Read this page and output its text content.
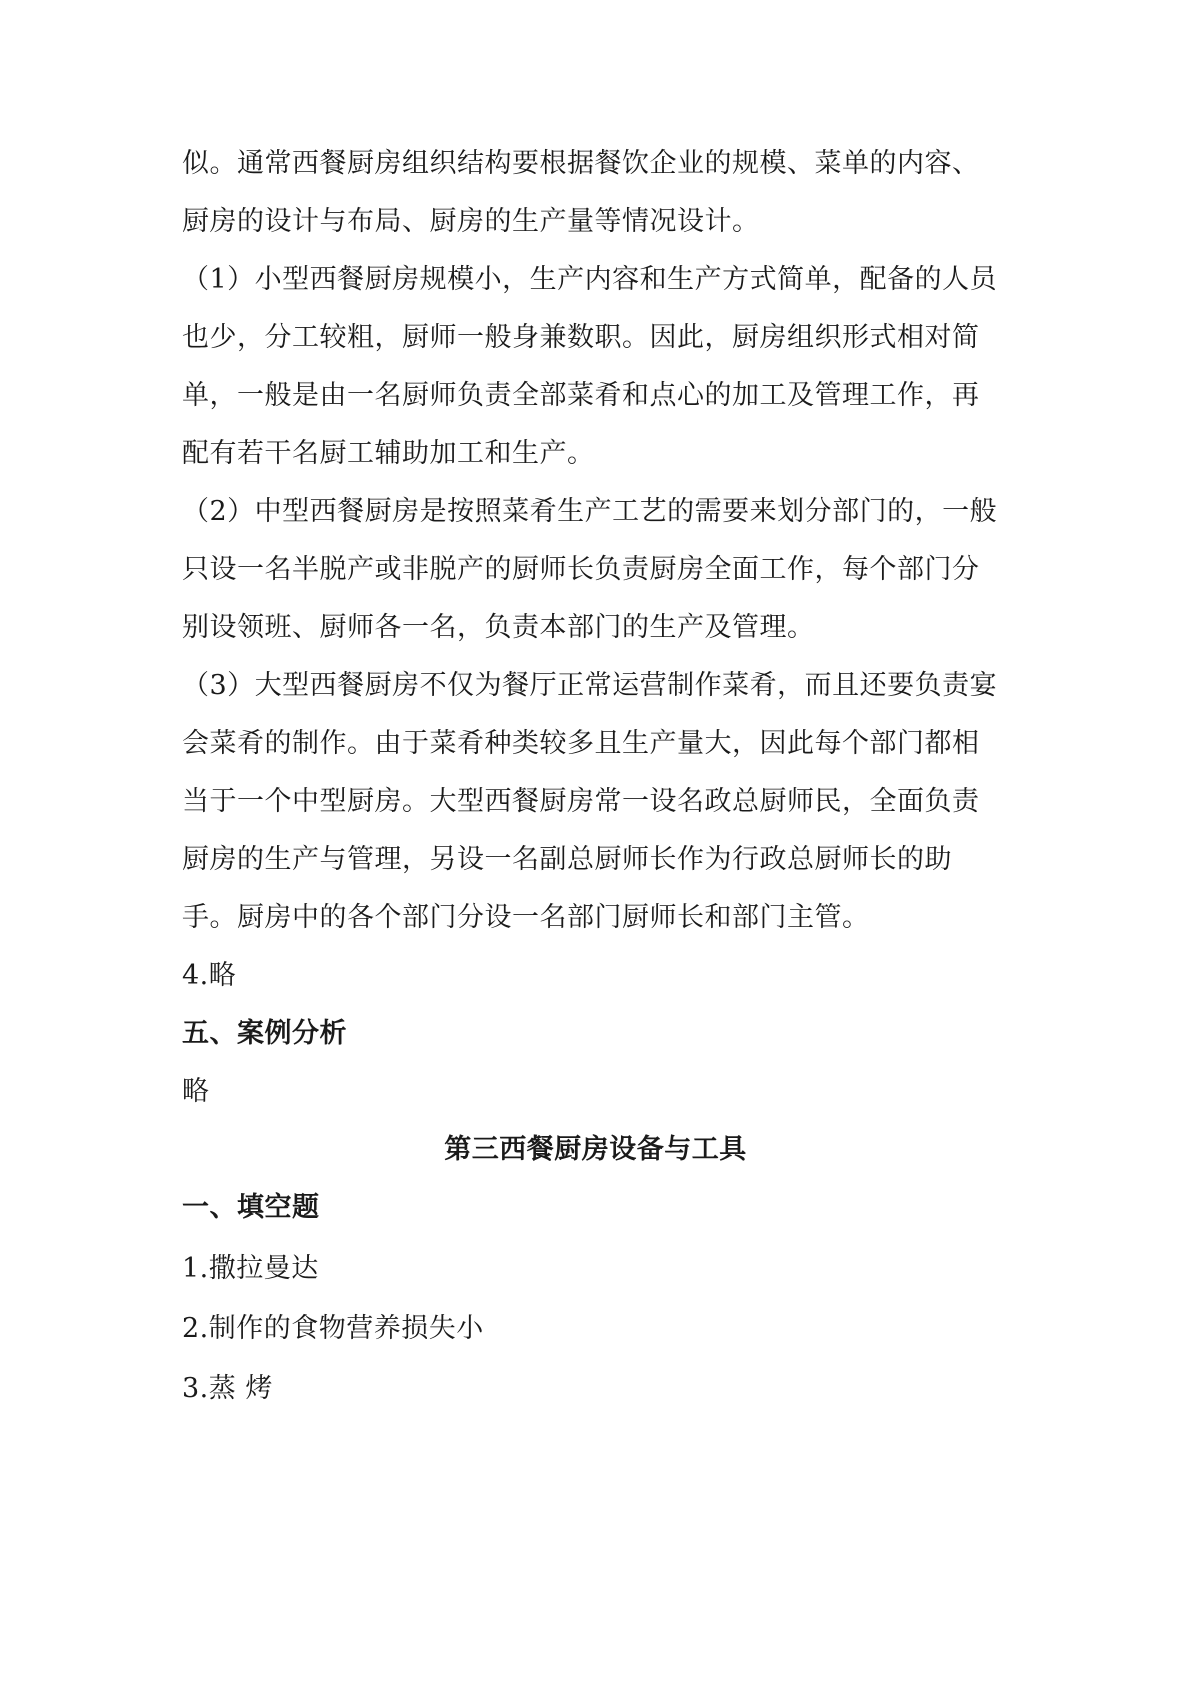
似。通常西餐厨房组织结构要根据餐饮企业的规模、菜单的内容、
厨房的设计与布局、厨房的生产量等情况设计。
（1）小型西餐厨房规模小，生产内容和生产方式简单，配备的人员
也少，分工较粗，厨师一般身兼数职。因此，厨房组织形式相对简
单，一般是由一名厨师负责全部菜肴和点心的加工及管理工作，再
配有若干名厨工辅助加工和生产。
（2）中型西餐厨房是按照菜肴生产工艺的需要来划分部门的，一般
只设一名半脱产或非脱产的厨师长负责厨房全面工作，每个部门分
别设领班、厨师各一名，负责本部门的生产及管理。
（3）大型西餐厨房不仅为餐厅正常运营制作菜肴，而且还要负责宴
会菜肴的制作。由于菜肴种类较多且生产量大，因此每个部门都相
当于一个中型厨房。大型西餐厨房常一设名政总厨师民，全面负责
厨房的生产与管理，另设一名副总厨师长作为行政总厨师长的助
手。厨房中的各个部门分设一名部门厨师长和部门主管。
4.略
五、案例分析
略
第三西餐厨房设备与工具
一、填空题
1.撒拉曼达
2.制作的食物营养损失小
3.蒸 烤
